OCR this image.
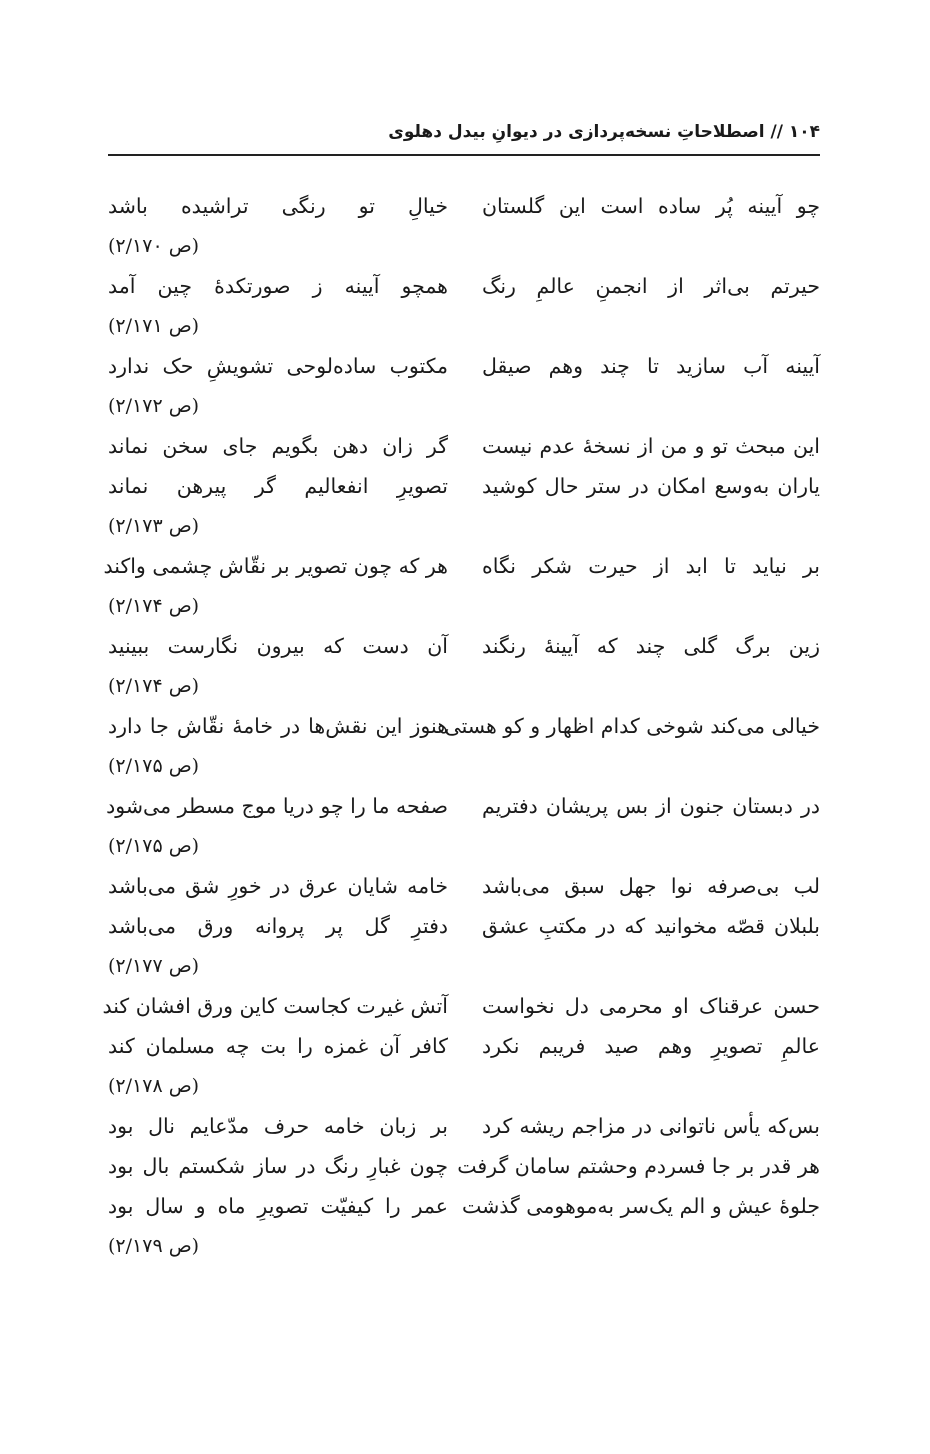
۱۰۴ // اصطلاحاتِ نسخه‌پردازی در دیوانِ بیدل دهلوی
چو آیینه پُر ساده است این گلستان
خیالِ تو رنگی تراشیده باشد
(ص ۲/۱۷۰)
حیرتم بی‌اثر از انجمنِ عالمِ رنگ
همچو آیینه ز صورتکدهٔ چین آمد
(ص ۲/۱۷۱)
آیینه آب سازید تا چند وهم صیقل
مکتوب ساده‌لوحی تشویشِ حک ندارد
(ص ۲/۱۷۲)
این مبحث تو و من از نسخهٔ عدم نیست
گر زان دهن بگویم جای سخن نماند
یاران به‌وسع امکان در ستر حال کوشید
تصویرِ انفعالیم گر پیرهن نماند
(ص ۲/۱۷۳)
بر نیاید تا ابد از حیرت شکر نگاه
هر که چون تصویر بر نقّاش چشمی واکند
(ص ۲/۱۷۴)
زین برگ گلی چند که آیینهٔ رنگند
آن دست که بیرون نگارست ببینید
(ص ۲/۱۷۴)
خیالی می‌کند شوخی کدام اظهار و کو هستی
هنوز این نقش‌ها در خامهٔ نقّاش جا دارد
(ص ۲/۱۷۵)
در دبستان جنون از بس پریشان دفتریم
صفحه ما را چو دریا موج مسطر می‌شود
(ص ۲/۱۷۵)
لب بی‌صرفه نوا جهل سبق می‌باشد
خامه شایان عرق در خورِ شق می‌باشد
بلبلان قصّه مخوانید که در مکتبِ عشق
دفترِ گل پر پروانه ورق می‌باشد
(ص ۲/۱۷۷)
حسن عرقناک او محرمی دل نخواست
آتش غیرت کجاست کاین ورق افشان کند
عالمِ تصویرِ وهم صید فریبم نکرد
کافر آن غمزه را بت چه مسلمان کند
(ص ۲/۱۷۸)
بس‌که یأس ناتوانی در مزاجم ریشه کرد
بر زبان خامه حرف مدّعایم نال بود
هر قدر بر جا فسردم وحشتم سامان گرفت
چون غبارِ رنگ در ساز شکستم بال بود
جلوهٔ عیش و الم یک‌سر به‌موهومی گذشت
عمر را کیفیّت تصویرِ ماه و سال بود
(ص ۲/۱۷۹)
